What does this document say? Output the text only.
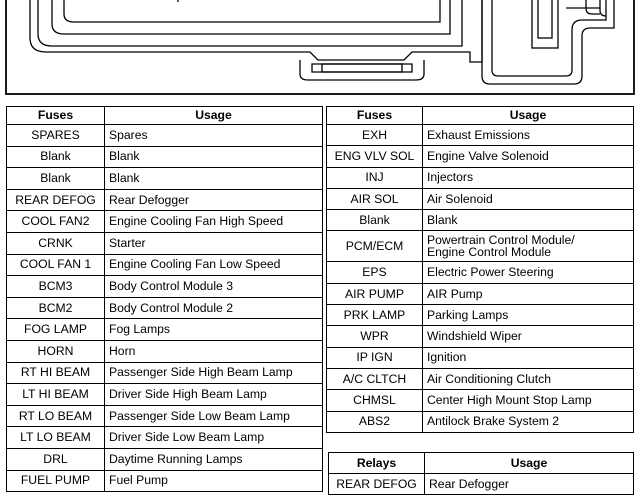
Fuses	Usage
SPARES	Spares
Blank	Blank
Blank	Blank
REAR DEFOG	Rear Defogger
COOL FAN2	Engine Cooling Fan High Speed
CRNK	Starter
COOL FAN 1	Engine Cooling Fan Low Speed
BCM3	Body Control Module 3
BCM2	Body Control Module 2
FOG LAMP	Fog Lamps
HORN	Horn
RT HI BEAM	Passenger Side High Beam Lamp
LT HI BEAM	Driver Side High Beam Lamp
RT LO BEAM	Passenger Side Low Beam Lamp
LT LO BEAM	Driver Side Low Beam Lamp
DRL	Daytime Running Lamps
FUEL PUMP	Fuel Pump
Fuses	Usage
EXH	Exhaust Emissions
ENG VLV SOL	Engine Valve Solenoid
INJ	Injectors
AIR SOL	Air Solenoid
Blank	Blank
PCM/ECM	Powertrain Control Module/
Engine Control Module
EPS	Electric Power Steering
AIR PUMP	AIR Pump
PRK LAMP	Parking Lamps
WPR	Windshield Wiper
IP IGN	Ignition
A/C CLTCH	Air Conditioning Clutch
CHMSL	Center High Mount Stop Lamp
ABS2	Antilock Brake System 2
Relays	Usage
REAR DEFOG	Rear Defogger
